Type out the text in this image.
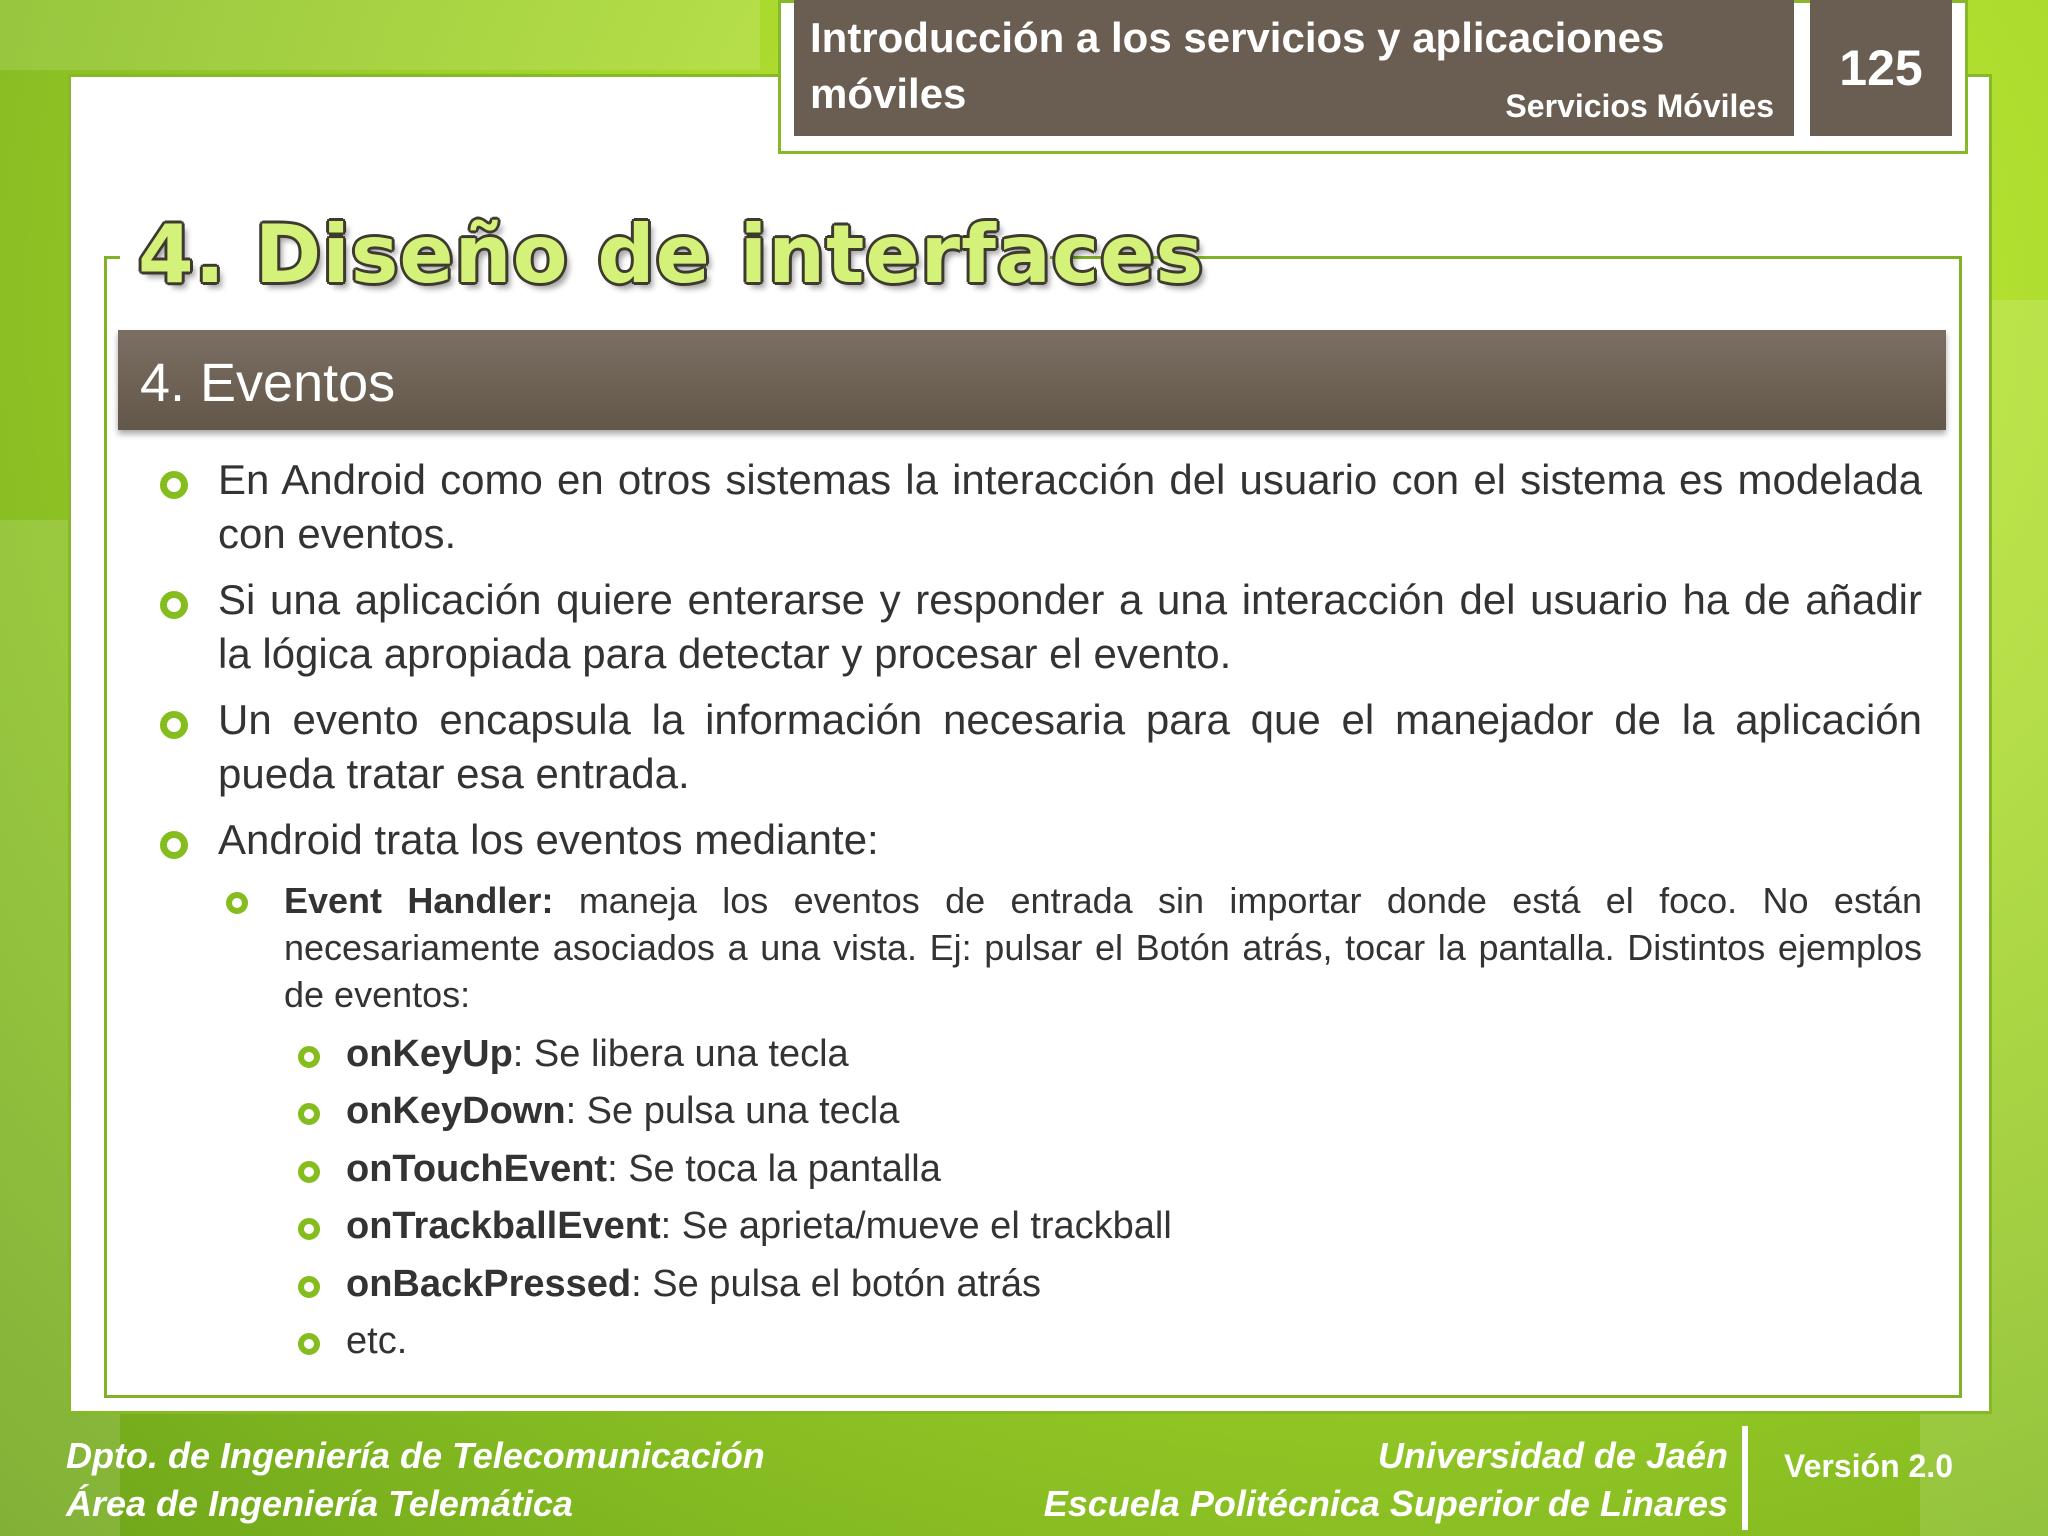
Introducción a los servicios y aplicaciones móviles	Servicios Móviles
125
4. Diseño de interfaces
4. Eventos
En Android como en otros sistemas la interacción del usuario con el sistema es modelada con eventos.
Si una aplicación quiere enterarse y responder a una interacción del usuario ha de añadir la lógica apropiada para detectar y procesar el evento.
Un evento encapsula la información necesaria para que el manejador de la aplicación pueda tratar esa entrada.
Android trata los eventos mediante:
Event Handler: maneja los eventos de entrada sin importar donde está el foco. No están necesariamente asociados a una vista. Ej: pulsar el Botón atrás, tocar la pantalla. Distintos ejemplos de eventos:
onKeyUp: Se libera una tecla
onKeyDown: Se pulsa una tecla
onTouchEvent: Se toca la pantalla
onTrackballEvent: Se aprieta/mueve el trackball
onBackPressed: Se pulsa el botón atrás
etc.
Dpto. de Ingeniería de Telecomunicación
Área de Ingeniería Telemática
Universidad de Jaén
Escuela Politécnica Superior de Linares
Versión 2.0
